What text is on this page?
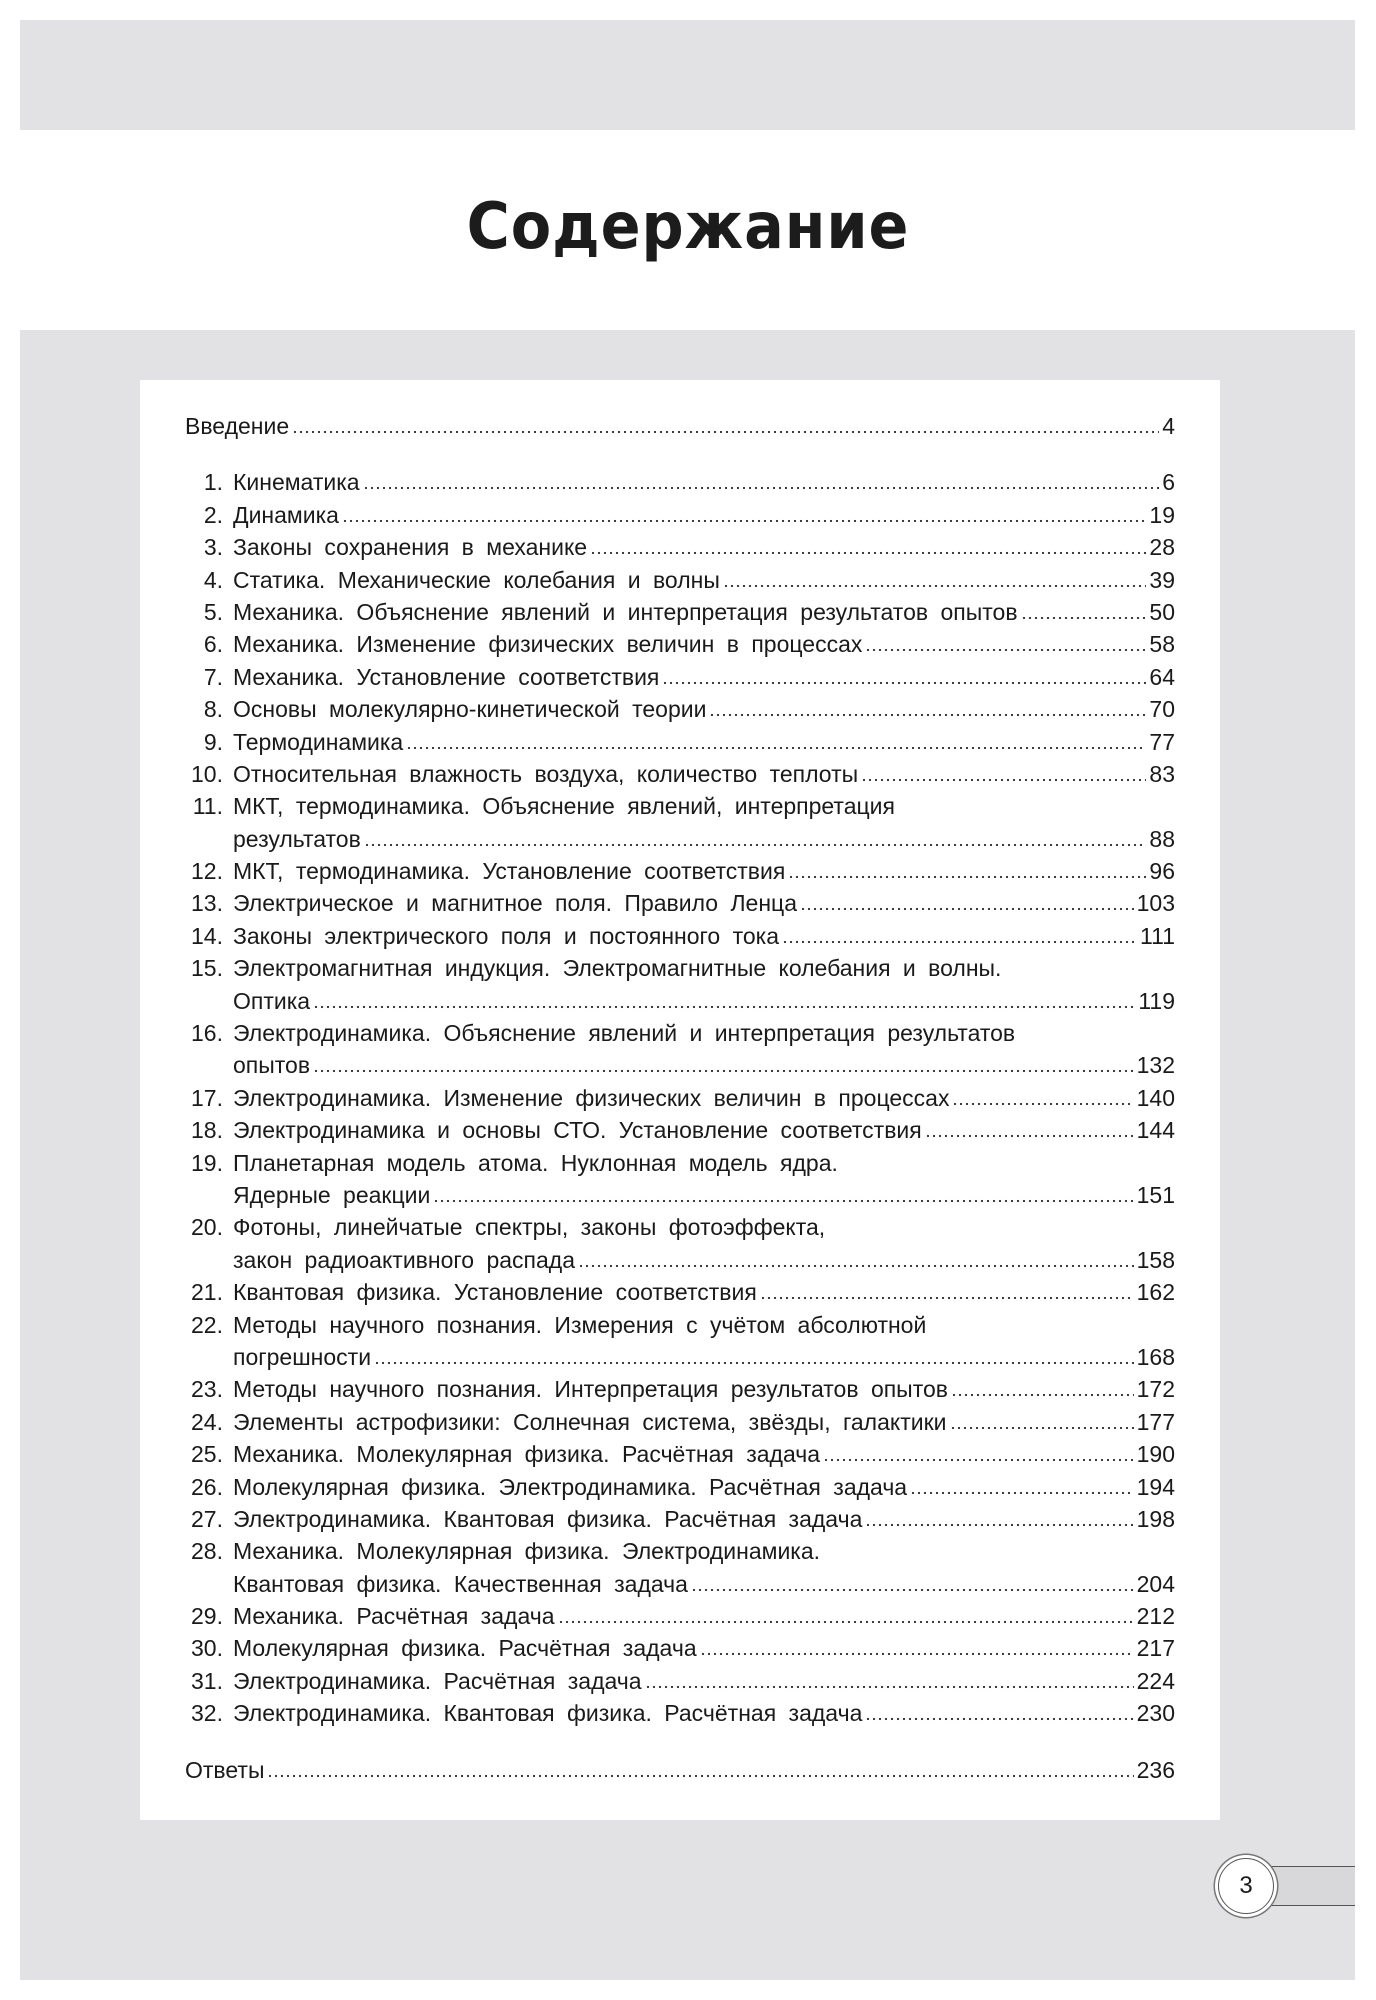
Содержание
Введение	4
1. Кинематика	6
2. Динамика	19
3. Законы сохранения в механике	28
4. Статика. Механические колебания и волны	39
5. Механика. Объяснение явлений и интерпретация результатов опытов	50
6. Механика. Изменение физических величин в процессах	58
7. Механика. Установление соответствия	64
8. Основы молекулярно-кинетической теории	70
9. Термодинамика	77
10. Относительная влажность воздуха, количество теплоты	83
11. МКТ, термодинамика. Объяснение явлений, интерпретация
результатов	88
12. МКТ, термодинамика. Установление соответствия	96
13. Электрическое и магнитное поля. Правило Ленца	103
14. Законы электрического поля и постоянного тока	111
15. Электромагнитная индукция. Электромагнитные колебания и волны.
Оптика	119
16. Электродинамика. Объяснение явлений и интерпретация результатов
опытов	132
17. Электродинамика. Изменение физических величин в процессах	140
18. Электродинамика и основы СТО. Установление соответствия	144
19. Планетарная модель атома. Нуклонная модель ядра.
Ядерные реакции	151
20. Фотоны, линейчатые спектры, законы фотоэффекта,
закон радиоактивного распада	158
21. Квантовая физика. Установление соответствия	162
22. Методы научного познания. Измерения с учётом абсолютной
погрешности	168
23. Методы научного познания. Интерпретация результатов опытов	172
24. Элементы астрофизики: Солнечная система, звёзды, галактики	177
25. Механика. Молекулярная физика. Расчётная задача	190
26. Молекулярная физика. Электродинамика. Расчётная задача	194
27. Электродинамика. Квантовая физика. Расчётная задача	198
28. Механика. Молекулярная физика. Электродинамика.
Квантовая физика. Качественная задача	204
29. Механика. Расчётная задача	212
30. Молекулярная физика. Расчётная задача	217
31. Электродинамика. Расчётная задача	224
32. Электродинамика. Квантовая физика. Расчётная задача	230
Ответы	236
3
